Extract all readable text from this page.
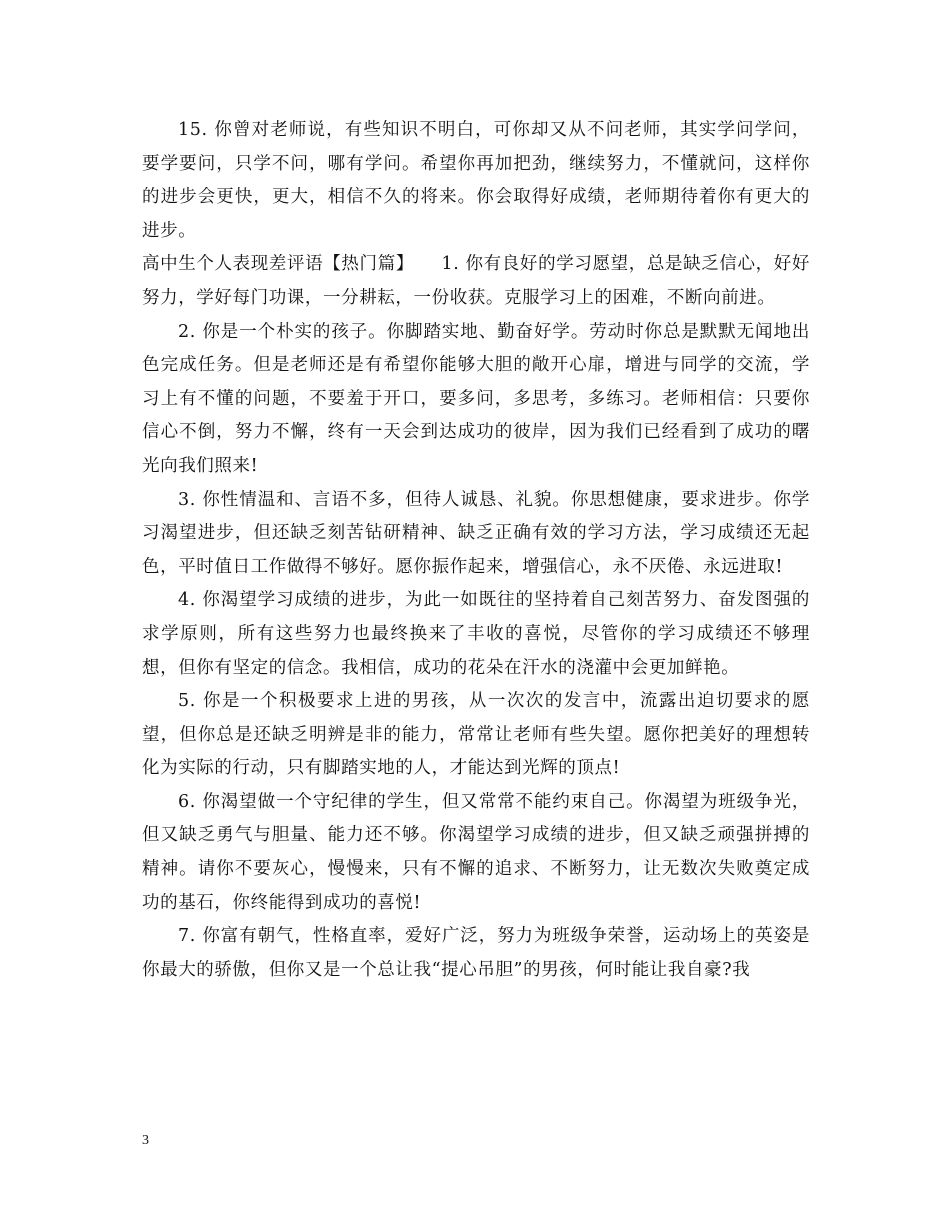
15. 你曾对老师说，有些知识不明白，可你却又从不问老师，其实学问学问，要学要问，只学不问，哪有学问。希望你再加把劲，继续努力，不懂就问，这样你的进步会更快，更大，相信不久的将来。你会取得好成绩，老师期待着你有更大的进步。

高中生个人表现差评语【热门篇】　　1. 你有良好的学习愿望，总是缺乏信心，好好努力，学好每门功课，一分耕耘，一份收获。克服学习上的困难，不断向前进。

2. 你是一个朴实的孩子。你脚踏实地、勤奋好学。劳动时你总是默默无闻地出色完成任务。但是老师还是有希望你能够大胆的敞开心扉，增进与同学的交流，学习上有不懂的问题，不要羞于开口，要多问，多思考，多练习。老师相信：只要你信心不倒，努力不懈，终有一天会到达成功的彼岸，因为我们已经看到了成功的曙光向我们照来!

3. 你性情温和、言语不多，但待人诚恳、礼貌。你思想健康，要求进步。你学习渴望进步，但还缺乏刻苦钻研精神、缺乏正确有效的学习方法，学习成绩还无起色，平时值日工作做得不够好。愿你振作起来，增强信心，永不厌倦、永远进取!

4. 你渴望学习成绩的进步，为此一如既往的坚持着自己刻苦努力、奋发图强的求学原则，所有这些努力也最终换来了丰收的喜悦，尽管你的学习成绩还不够理想，但你有坚定的信念。我相信，成功的花朵在汗水的浇灌中会更加鲜艳。

5. 你是一个积极要求上进的男孩，从一次次的发言中，流露出迫切要求的愿望，但你总是还缺乏明辨是非的能力，常常让老师有些失望。愿你把美好的理想转化为实际的行动，只有脚踏实地的人，才能达到光辉的顶点!

6. 你渴望做一个守纪律的学生，但又常常不能约束自己。你渴望为班级争光，但又缺乏勇气与胆量、能力还不够。你渴望学习成绩的进步，但又缺乏顽强拼搏的精神。请你不要灰心，慢慢来，只有不懈的追求、不断努力，让无数次失败奠定成功的基石，你终能得到成功的喜悦!

7. 你富有朝气，性格直率，爱好广泛，努力为班级争荣誉，运动场上的英姿是你最大的骄傲，但你又是一个总让我“提心吊胆”的男孩，何时能让我自豪?我

3
